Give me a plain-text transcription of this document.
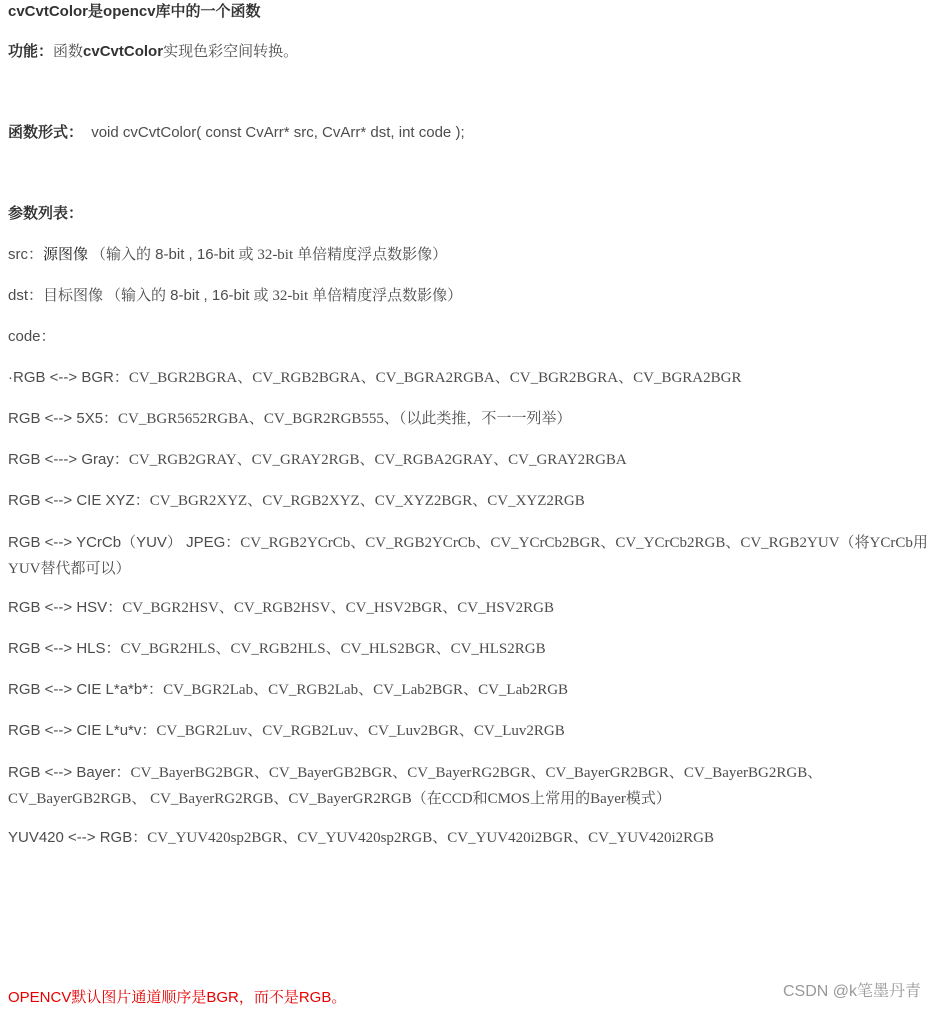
cvCvtColor是opencv库中的一个函数
功能：函数cvCvtColor实现色彩空间转换。
函数形式： void cvCvtColor( const CvArr* src, CvArr* dst, int code );
参数列表：
src：源图像 （输入的 8-bit , 16-bit 或 32-bit 单倍精度浮点数影像）
dst：目标图像 （输入的 8-bit , 16-bit 或 32-bit 单倍精度浮点数影像）
code：
·RGB <--> BGR：CV_BGR2BGRA、CV_RGB2BGRA、CV_BGRA2RGBA、CV_BGR2BGRA、CV_BGRA2BGR
RGB <--> 5X5：CV_BGR5652RGBA、CV_BGR2RGB555、（以此类推，不一一列举）
RGB <---> Gray：CV_RGB2GRAY、CV_GRAY2RGB、CV_RGBA2GRAY、CV_GRAY2RGBA
RGB <--> CIE XYZ：CV_BGR2XYZ、CV_RGB2XYZ、CV_XYZ2BGR、CV_XYZ2RGB
RGB <--> YCrCb（YUV） JPEG：CV_RGB2YCrCb、CV_RGB2YCrCb、CV_YCrCb2BGR、CV_YCrCb2RGB、CV_RGB2YUV（将YCrCb用YUV替代都可以）
RGB <--> HSV：CV_BGR2HSV、CV_RGB2HSV、CV_HSV2BGR、CV_HSV2RGB
RGB <--> HLS：CV_BGR2HLS、CV_RGB2HLS、CV_HLS2BGR、CV_HLS2RGB
RGB <--> CIE L*a*b*：CV_BGR2Lab、CV_RGB2Lab、CV_Lab2BGR、CV_Lab2RGB
RGB <--> CIE L*u*v：CV_BGR2Luv、CV_RGB2Luv、CV_Luv2BGR、CV_Luv2RGB
RGB <--> Bayer：CV_BayerBG2BGR、CV_BayerGB2BGR、CV_BayerRG2BGR、CV_BayerGR2BGR、CV_BayerBG2RGB、CV_BayerGB2RGB、 CV_BayerRG2RGB、CV_BayerGR2RGB（在CCD和CMOS上常用的Bayer模式）
YUV420 <--> RGB：CV_YUV420sp2BGR、CV_YUV420sp2RGB、CV_YUV420i2BGR、CV_YUV420i2RGB
OPENCV默认图片通道顺序是BGR，而不是RGB。	CSDN @k笔墨丹青
